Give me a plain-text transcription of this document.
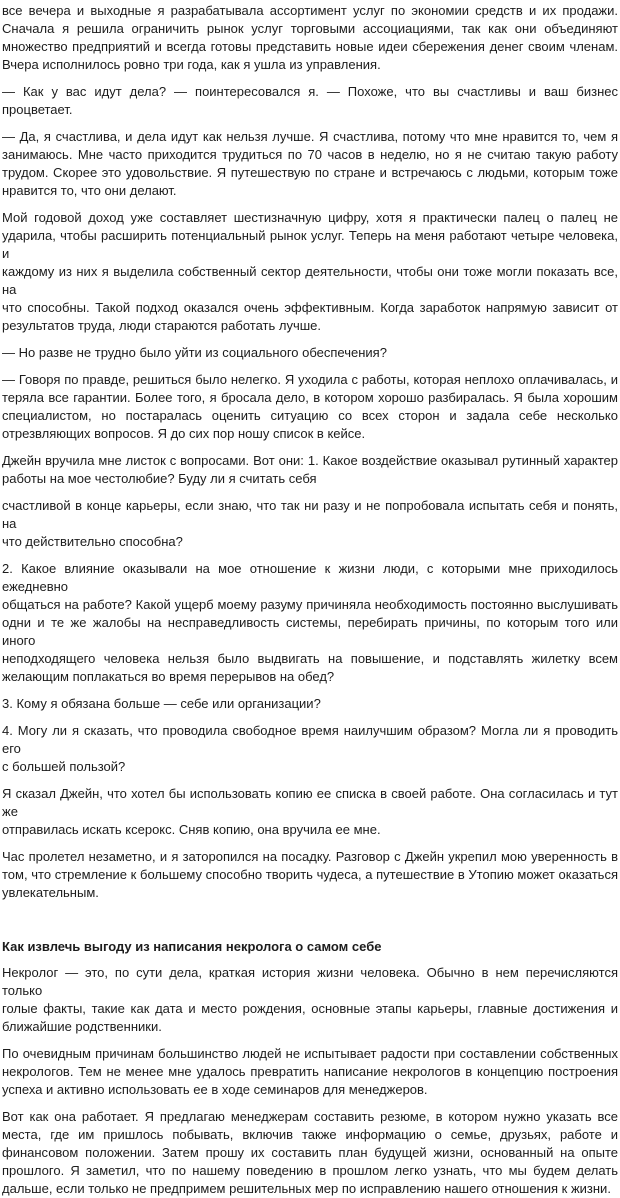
все вечера и выходные я разрабатывала ассортимент услуг по экономии средств и их продажи.
Сначала я решила ограничить рынок услуг торговыми ассоциациями, так как они объединяют
множество предприятий и всегда готовы представить новые идеи сбережения денег своим членам.
Вчера исполнилось ровно три года, как я ушла из управления.
— Как у вас идут дела? — поинтересовался я. — Похоже, что вы счастливы и ваш бизнес процветает.
— Да, я счастлива, и дела идут как нельзя лучше. Я счастлива, потому что мне нравится то, чем я
занимаюсь. Мне часто приходится трудиться по 70 часов в неделю, но я не считаю такую работу
трудом. Скорее это удовольствие. Я путешествую по стране и встречаюсь с людьми, которым тоже
нравится то, что они делают.
Мой годовой доход уже составляет шестизначную цифру, хотя я практически палец о палец не
ударила, чтобы расширить потенциальный рынок услуг. Теперь на меня работают четыре человека, и
каждому из них я выделила собственный сектор деятельности, чтобы они тоже могли показать все, на
что способны. Такой подход оказался очень эффективным. Когда заработок напрямую зависит от
результатов труда, люди стараются работать лучше.
— Но разве не трудно было уйти из социального обеспечения?
— Говоря по правде, решиться было нелегко. Я уходила с работы, которая неплохо оплачивалась, и
теряла все гарантии. Более того, я бросала дело, в котором хорошо разбиралась. Я была хорошим
специалистом, но постаралась оценить ситуацию со всех сторон и задала себе несколько
отрезвляющих вопросов. Я до сих пор ношу список в кейсе.
Джейн вручила мне листок с вопросами. Вот они: 1. Какое воздействие оказывал рутинный характер
работы на мое честолюбие? Буду ли я считать себя
счастливой в конце карьеры, если знаю, что так ни разу и не попробовала испытать себя и понять, на
что действительно способна?
2. Какое влияние оказывали на мое отношение к жизни люди, с которыми мне приходилось ежедневно
общаться на работе? Какой ущерб моему разуму причиняла необходимость постоянно выслушивать
одни и те же жалобы на несправедливость системы, перебирать причины, по которым того или иного
неподходящего человека нельзя было выдвигать на повышение, и подставлять жилетку всем
желающим поплакаться во время перерывов на обед?
3. Кому я обязана больше — себе или организации?
4. Могу ли я сказать, что проводила свободное время наилучшим образом? Могла ли я проводить его
с большей пользой?
Я сказал Джейн, что хотел бы использовать копию ее списка в своей работе. Она согласилась и тут же
отправилась искать ксерокс. Сняв копию, она вручила ее мне.
Час пролетел незаметно, и я заторопился на посадку. Разговор с Джейн укрепил мою уверенность в
том, что стремление к большему способно творить чудеса, а путешествие в Утопию может оказаться
увлекательным.
Как извлечь выгоду из написания некролога о самом себе
Некролог — это, по сути дела, краткая история жизни человека. Обычно в нем перечисляются только
голые факты, такие как дата и место рождения, основные этапы карьеры, главные достижения и
ближайшие родственники.
По очевидным причинам большинство людей не испытывает радости при составлении собственных
некрологов. Тем не менее мне удалось превратить написание некрологов в концепцию построения
успеха и активно использовать ее в ходе семинаров для менеджеров.
Вот как она работает. Я предлагаю менеджерам составить резюме, в котором нужно указать все
места, где им пришлось побывать, включив также информацию о семье, друзьях, работе и
финансовом положении. Затем прошу их составить план будущей жизни, основанный на опыте
прошлого. Я заметил, что по нашему поведению в прошлом легко узнать, что мы будем делать
дальше, если только не предпримем решительных мер по исправлению нашего отношения к жизни.
